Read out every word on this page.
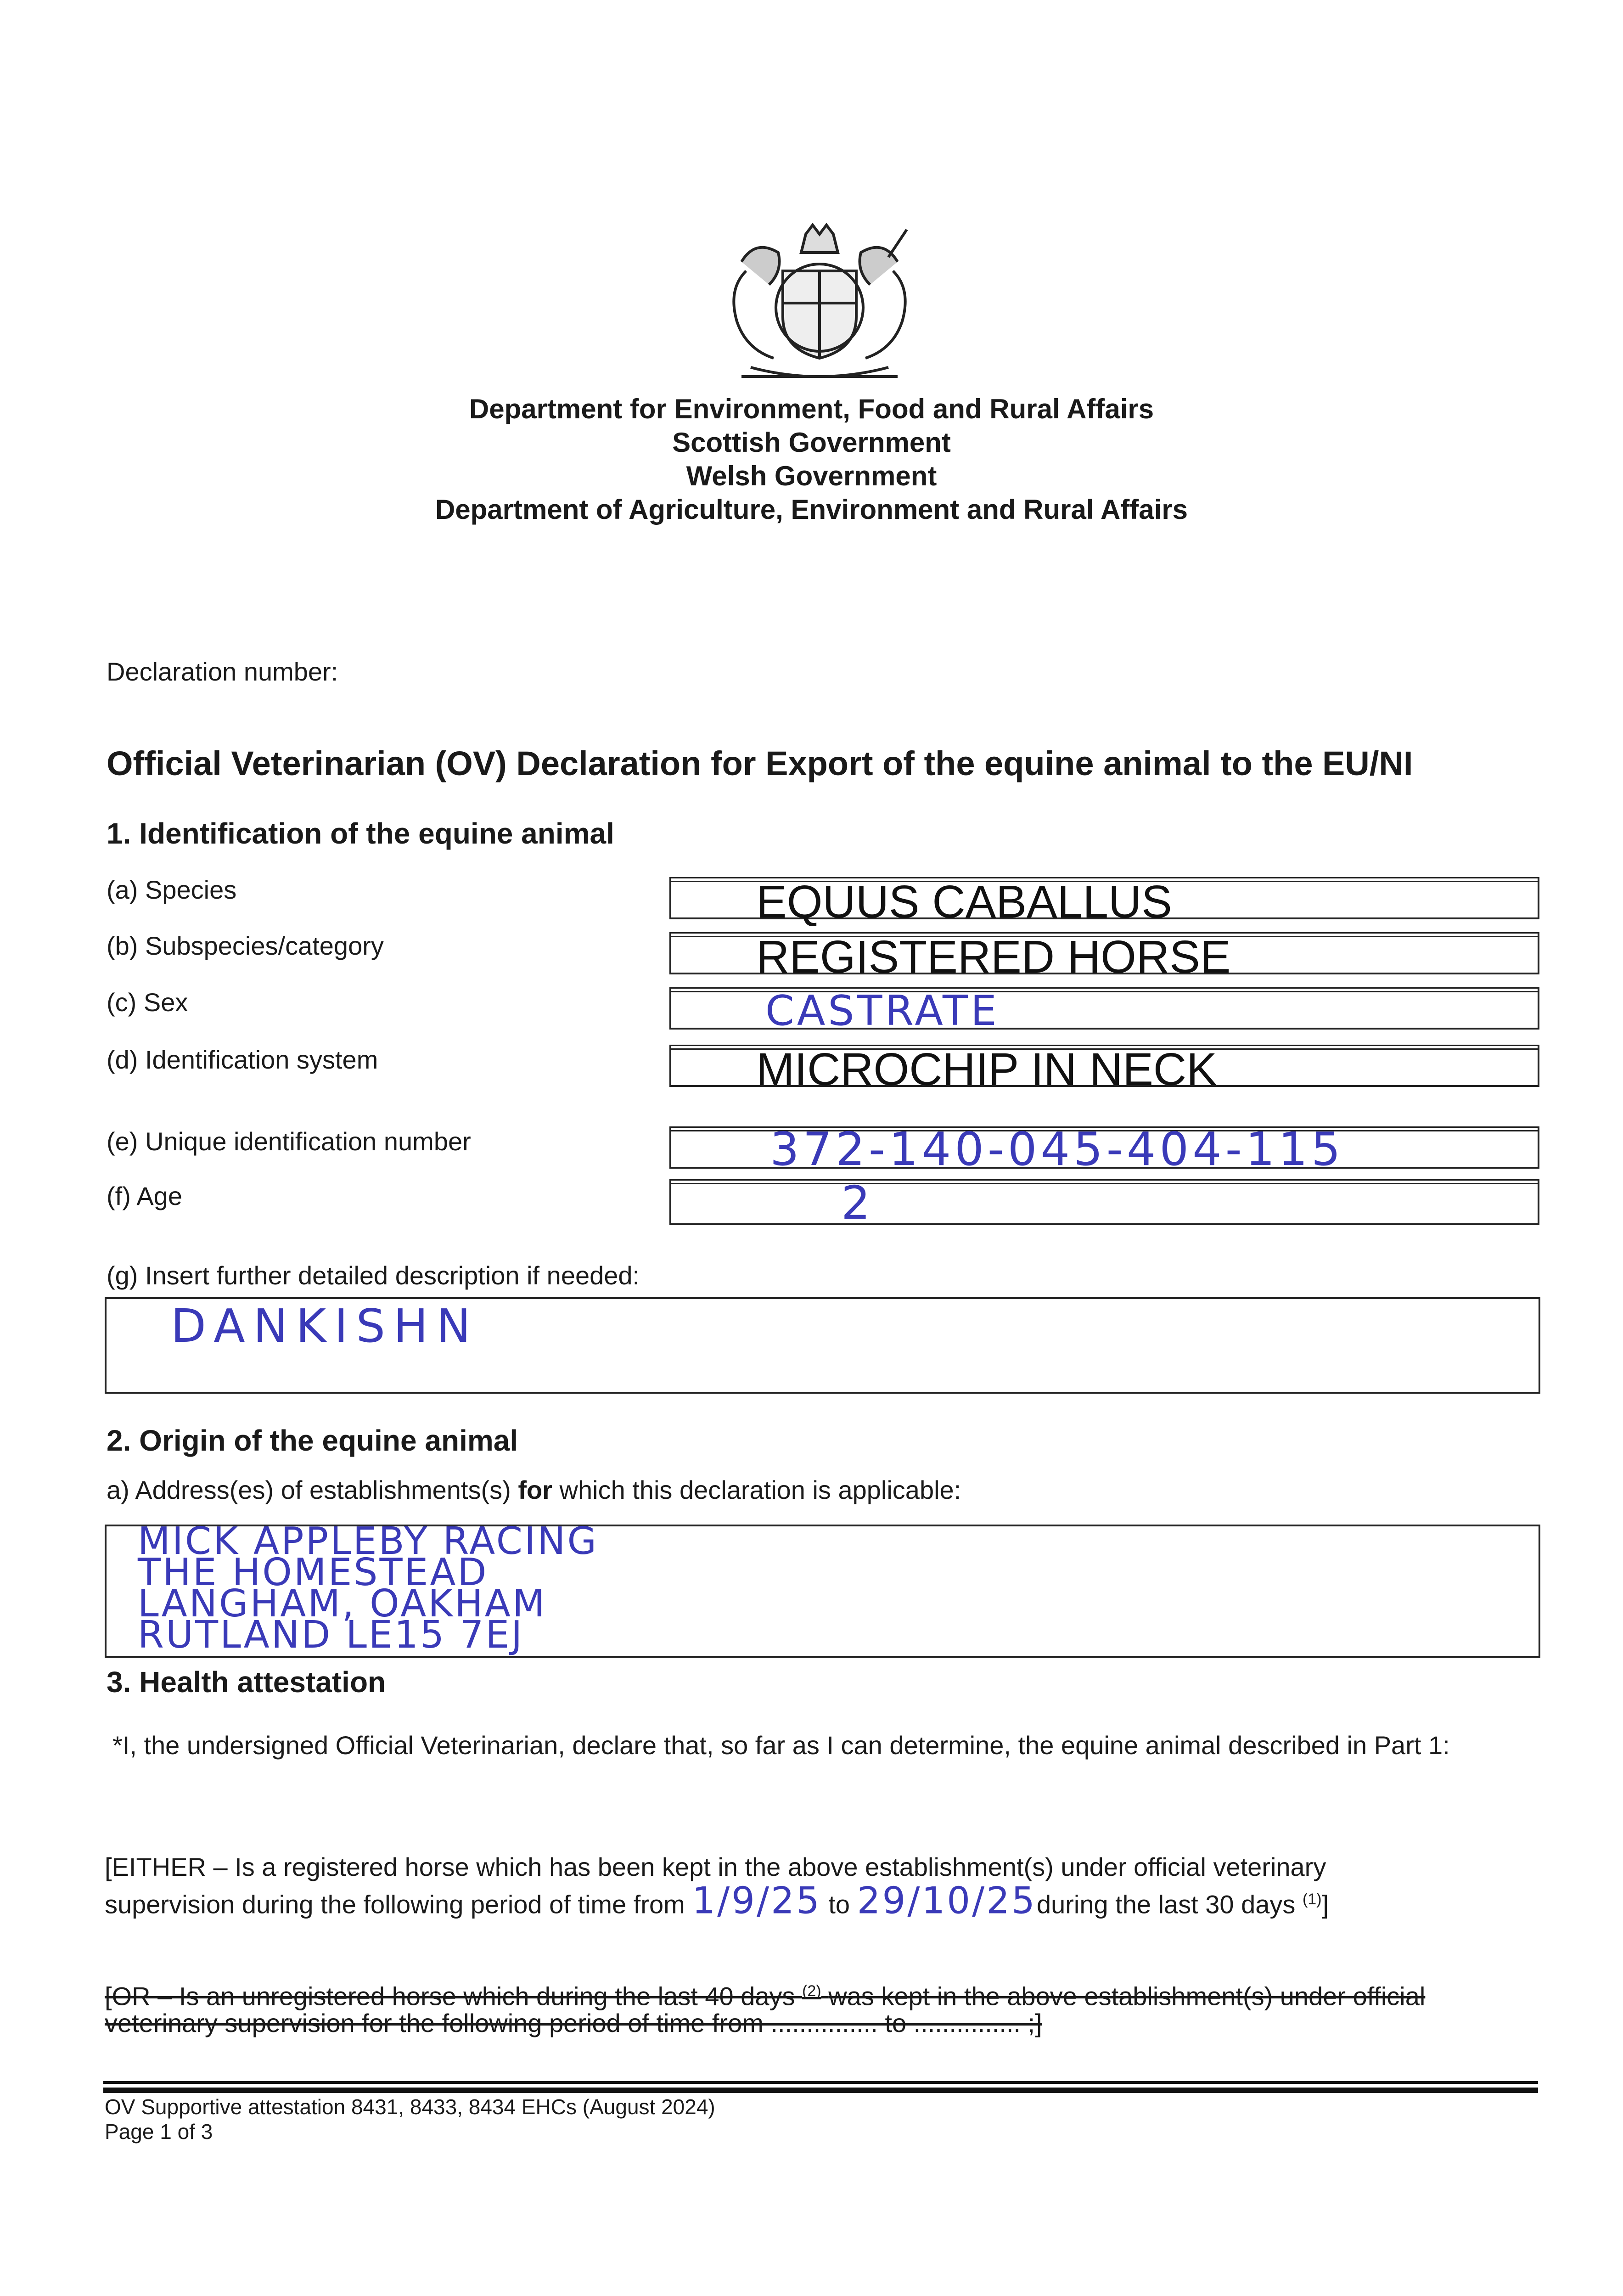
Department for Environment, Food and Rural Affairs
Scottish Government
Welsh Government
Department of Agriculture, Environment and Rural Affairs
Declaration number:
Official Veterinarian (OV) Declaration for Export of the equine animal to the EU/NI
1. Identification of the equine animal
(a) Species	EQUUS CABALLUS
(b) Subspecies/category	REGISTERED HORSE
(c) Sex	CASTRATE
(d) Identification system	MICROCHIP IN NECK
(e) Unique identification number	372-140-045-404-115
(f) Age	2
(g) Insert further detailed description if needed:
DANKISHN
2. Origin of the equine animal
a) Address(es) of establishments(s) for which this declaration is applicable:
MICK APPLEBY RACING
THE HOMESTEAD
LANGHAM, OAKHAM
RUTLAND LE15 7EJ
3. Health attestation
*I, the undersigned Official Veterinarian, declare that, so far as I can determine, the equine animal described in Part 1:
[EITHER – Is a registered horse which has been kept in the above establishment(s) under official veterinary
supervision during the following period of time from 1/9/25 to 29/10/25during the last 30 days $^{(1)}$]
[OR – Is an unregistered horse which during the last 40 days $^{(2)}$ was kept in the above establishment(s) under official
veterinary supervision for the following period of time from ............... to ............... ;]
OV Supportive attestation 8431, 8433, 8434 EHCs (August 2024)
Page 1 of 3
